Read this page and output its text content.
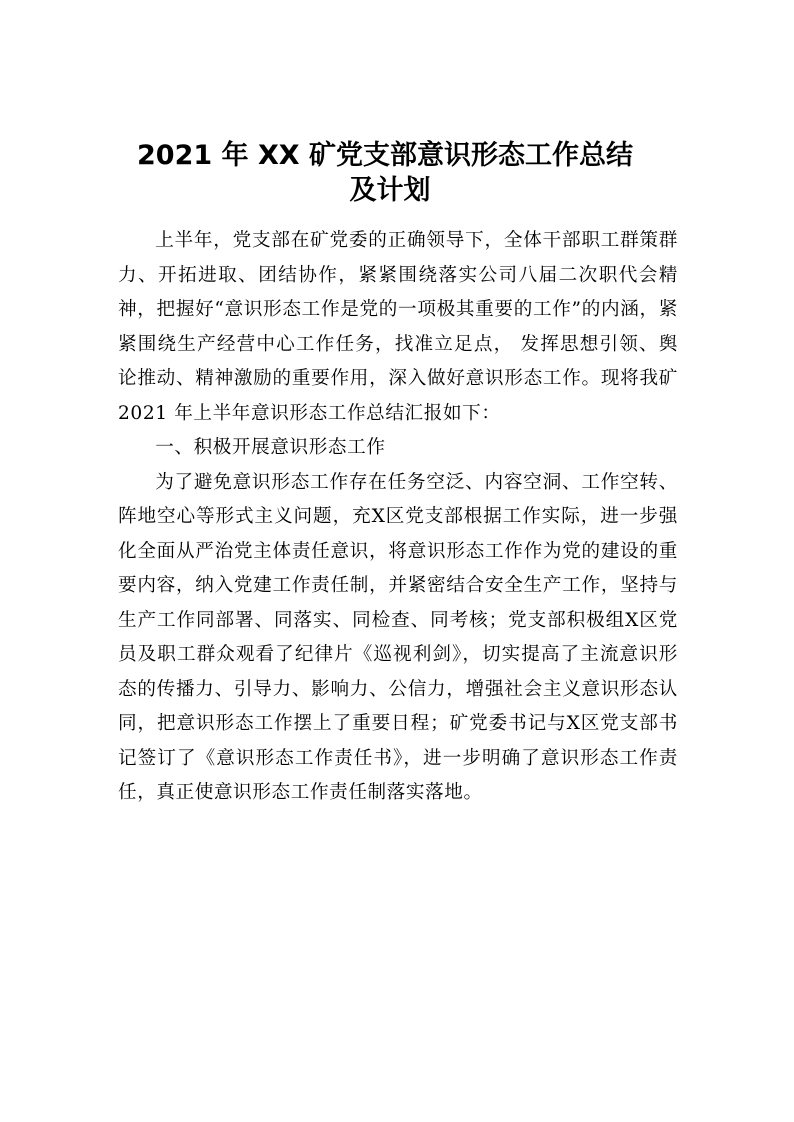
2021 年 XX 矿党支部意识形态工作总结
及计划

上半年，党支部在矿党委的正确领导下，全体干部职工群策群力、开拓进取、团结协作，紧紧围绕落实公司八届二次职代会精神，把握好“意识形态工作是党的一项极其重要的工作”的内涵，紧紧围绕生产经营中心工作任务，找准立足点， 发挥思想引领、舆论推动、精神激励的重要作用，深入做好意识形态工作。现将我矿 2021 年上半年意识形态工作总结汇报如下：

一、积极开展意识形态工作

为了避免意识形态工作存在任务空泛、内容空洞、工作空转、阵地空心等形式主义问题，充X区党支部根据工作实际，进一步强化全面从严治党主体责任意识，将意识形态工作作为党的建设的重要内容，纳入党建工作责任制，并紧密结合安全生产工作，坚持与生产工作同部署、同落实、同检查、同考核；党支部积极组X区党员及职工群众观看了纪律片《巡视利剑》，切实提高了主流意识形态的传播力、引导力、影响力、公信力，增强社会主义意识形态认同，把意识形态工作摆上了重要日程；矿党委书记与X区党支部书记签订了《意识形态工作责任书》，进一步明确了意识形态工作责任，真正使意识形态工作责任制落实落地。
